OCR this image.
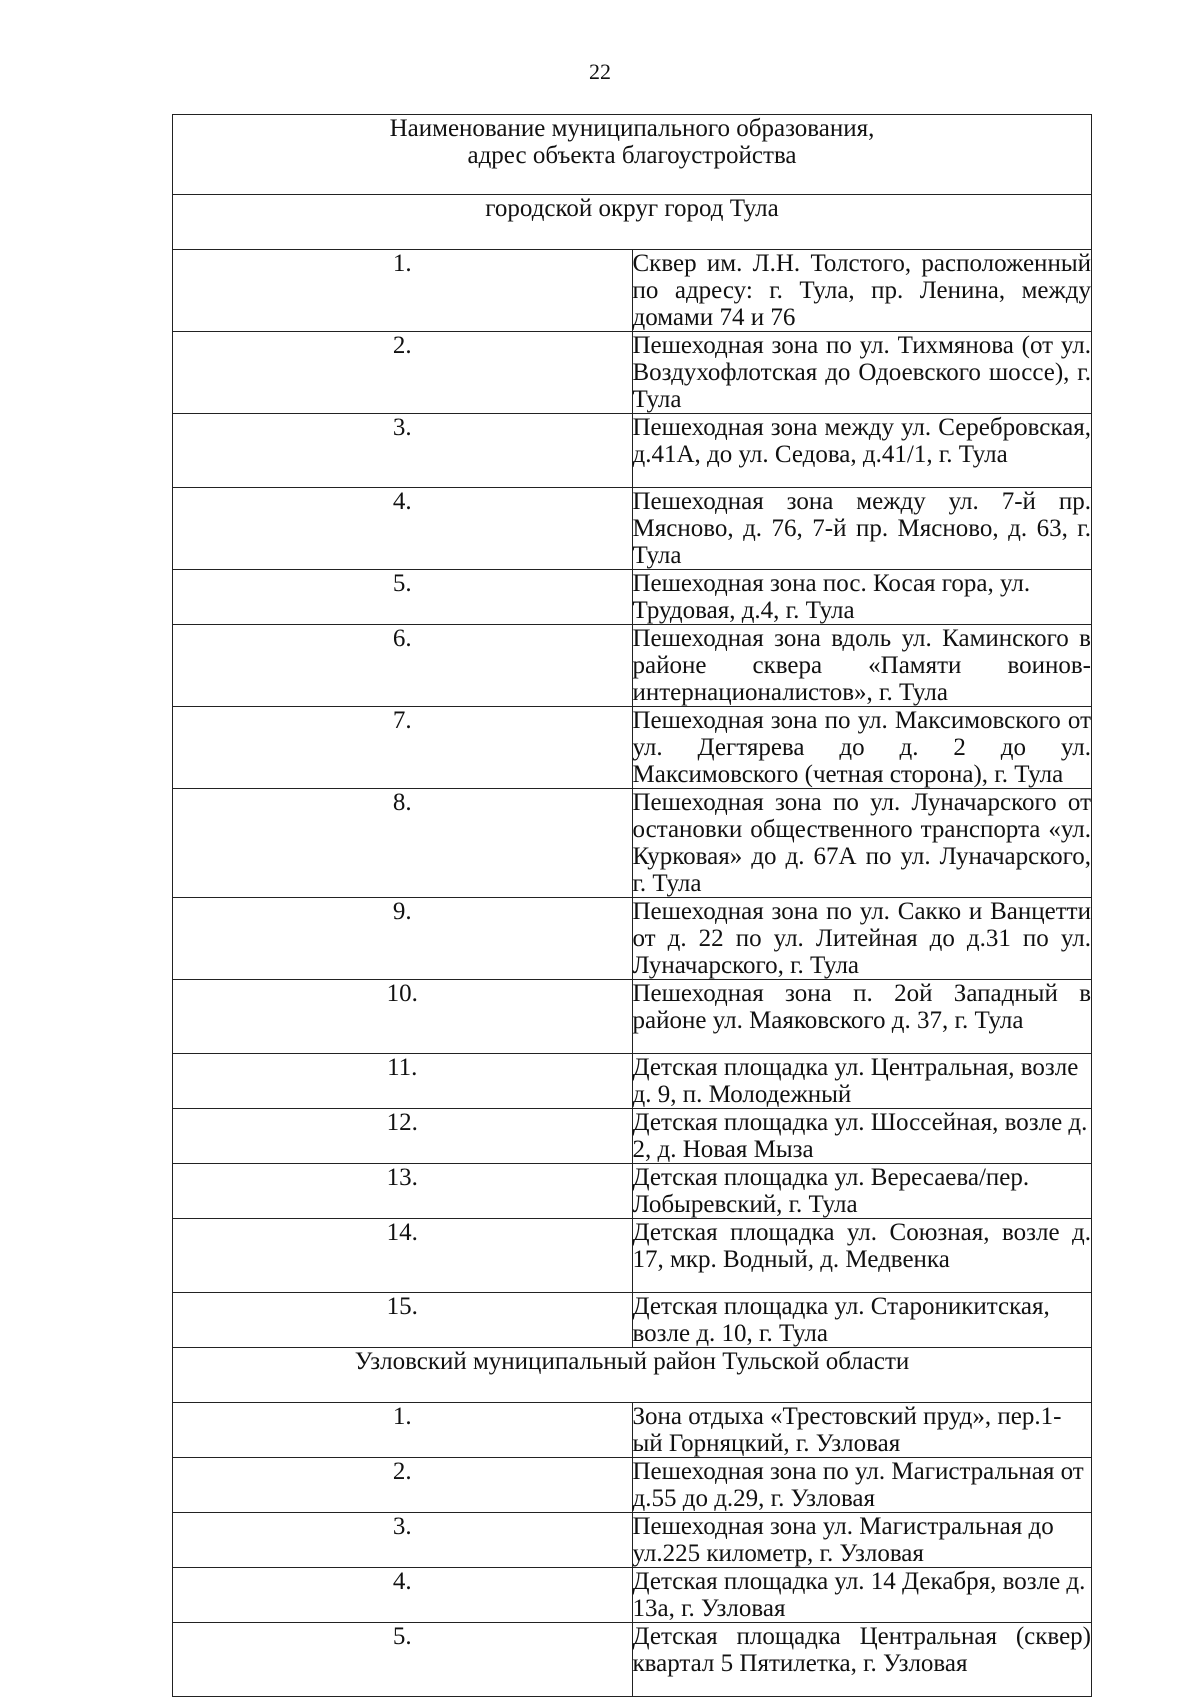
22
Наименование муниципального образования,
адрес объекта благоустройства	
городской округ город Тула	
1.	Сквер им. Л.Н. Толстого, расположенный по адресу: г. Тула, пр. Ленина, между домами 74 и 76
2.	Пешеходная зона по ул. Тихмянова (от ул. Воздухофлотская до Одоевского шоссе), г. Тула
3.	Пешеходная зона между ул. Серебровская, д.41А, до ул. Седова, д.41/1, г. Тула
4.	Пешеходная зона между ул. 7-й пр. Мясново, д. 76, 7-й пр. Мясново, д. 63, г. Тула
5.	Пешеходная зона пос. Косая гора, ул. Трудовая, д.4, г. Тула
6.	Пешеходная зона вдоль ул. Каминского в районе сквера «Памяти воинов-интернационалистов», г. Тула
7.	Пешеходная зона по ул. Максимовского от ул. Дегтярева до д. 2 до ул. Максимовского (четная сторона), г. Тула
8.	Пешеходная зона по ул. Луначарского от остановки общественного транспорта «ул. Курковая» до д. 67А по ул. Луначарского, г. Тула
9.	Пешеходная зона по ул. Сакко и Ванцетти от д. 22 по ул. Литейная до д.31 по ул. Луначарского, г. Тула
10.	Пешеходная зона п. 2ой Западный в районе ул. Маяковского д. 37, г. Тула
11.	Детская площадка ул. Центральная, возле д. 9, п. Молодежный
12.	Детская площадка ул. Шоссейная, возле д. 2, д. Новая Мыза
13.	Детская площадка ул. Вересаева/пер. Лобыревский, г. Тула
14.	Детская площадка ул. Союзная, возле д. 17, мкр. Водный, д. Медвенка
15.	Детская площадка ул. Староникитская, возле д. 10, г. Тула
Узловский муниципальный район Тульской области	
1.	Зона отдыха «Трестовский пруд», пер.1-ый Горняцкий, г. Узловая
2.	Пешеходная зона по ул. Магистральная от д.55 до д.29, г. Узловая
3.	Пешеходная зона ул. Магистральная до ул.225 километр, г. Узловая
4.	Детская площадка ул. 14 Декабря, возле д. 13а, г. Узловая
5.	Детская площадка Центральная (сквер) квартал 5 Пятилетка, г. Узловая
